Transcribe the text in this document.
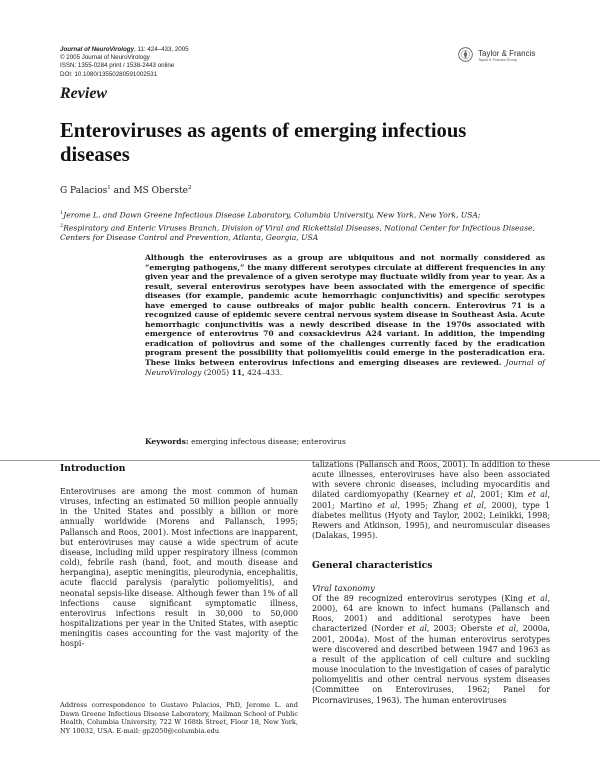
Journal of NeuroVirology, 11: 424–433, 2005
© 2005 Journal of NeuroVirology
ISSN: 1355-0284 print / 1538-2443 online
DOI: 10.1080/13550280591002531
Taylor & Francis
Taylor & Francis Group
Review
Enteroviruses as agents of emerging infectious diseases
G Palacios$^1$ and MS Oberste$^2$
$^1$Jerome L. and Dawn Greene Infectious Disease Laboratory, Columbia University, New York, New York, USA;
$^2$Respiratory and Enteric Viruses Branch, Division of Viral and Rickettsial Diseases, National Center for Infectious Disease, Centers for Disease Control and Prevention, Atlanta, Georgia, USA
Although the enteroviruses as a group are ubiquitous and not normally considered as “emerging pathogens,” the many different serotypes circulate at different frequencies in any given year and the prevalence of a given serotype may fluctuate wildly from year to year. As a result, several enterovirus serotypes have been associated with the emergence of specific diseases (for example, pandemic acute hemorrhagic conjunctivitis) and specific serotypes have emerged to cause outbreaks of major public health concern. Enterovirus 71 is a recognized cause of epidemic severe central nervous system disease in Southeast Asia. Acute hemorrhagic conjunctivitis was a newly described disease in the 1970s associated with emergence of enterovirus 70 and coxsackievirus A24 variant. In addition, the impending eradication of poliovirus and some of the challenges currently faced by the eradication program present the possibility that poliomyelitis could emerge in the posteradication era. These links between enterovirus infections and emerging diseases are reviewed. Journal of NeuroVirology (2005) 11, 424–433.
Keywords: emerging infectous disease; enterovirus
Introduction
Enteroviruses are among the most common of human viruses, infecting an estimated 50 million people annually in the United States and possibly a billion or more annually worldwide (Morens and Pallansch, 1995; Pallansch and Roos, 2001). Most infections are inapparent, but enteroviruses may cause a wide spectrum of acute disease, including mild upper respiratory illness (common cold), febrile rash (hand, foot, and mouth disease and herpangina), aseptic meningitis, pleurodynia, encephalitis, acute flaccid paralysis (paralytic poliomyelitis), and neonatal sepsis-like disease. Although fewer than 1% of all infections cause significant symptomatic illness, enterovirus infections result in 30,000 to 50,000 hospitalizations per year in the United States, with aseptic meningitis cases accounting for the vast majority of the hospi-
Address correspondence to Gustavo Palacios, PhD, Jerome L. and Dawn Greene Infectious Disease Laboratory, Mailman School of Public Health, Columbia University, 722 W 168th Street, Floor 18, New York, NY 10032, USA. E-mail: gp2050@columbia.edu
talizations (Pallansch and Roos, 2001). In addition to these acute illnesses, enteroviruses have also been associated with severe chronic diseases, including myocarditis and dilated cardiomyopathy (Kearney et al, 2001; Kim et al, 2001; Martino et al, 1995; Zhang et al, 2000), type 1 diabetes mellitus (Hyoty and Taylor, 2002; Leinikki, 1998; Rewers and Atkinson, 1995), and neuromuscular diseases (Dalakas, 1995).
General characteristics
Viral taxonomy
Of the 89 recognized enterovirus serotypes (King et al, 2000), 64 are known to infect humans (Pallansch and Roos, 2001) and additional serotypes have been characterized (Norder et al, 2003; Oberste et al, 2000a, 2001, 2004a). Most of the human enterovirus serotypes were discovered and described between 1947 and 1963 as a result of the application of cell culture and suckling mouse inoculation to the investigation of cases of paralytic poliomyelitis and other central nervous system diseases (Committee on Enteroviruses, 1962; Panel for Picornaviruses, 1963). The human enteroviruses
